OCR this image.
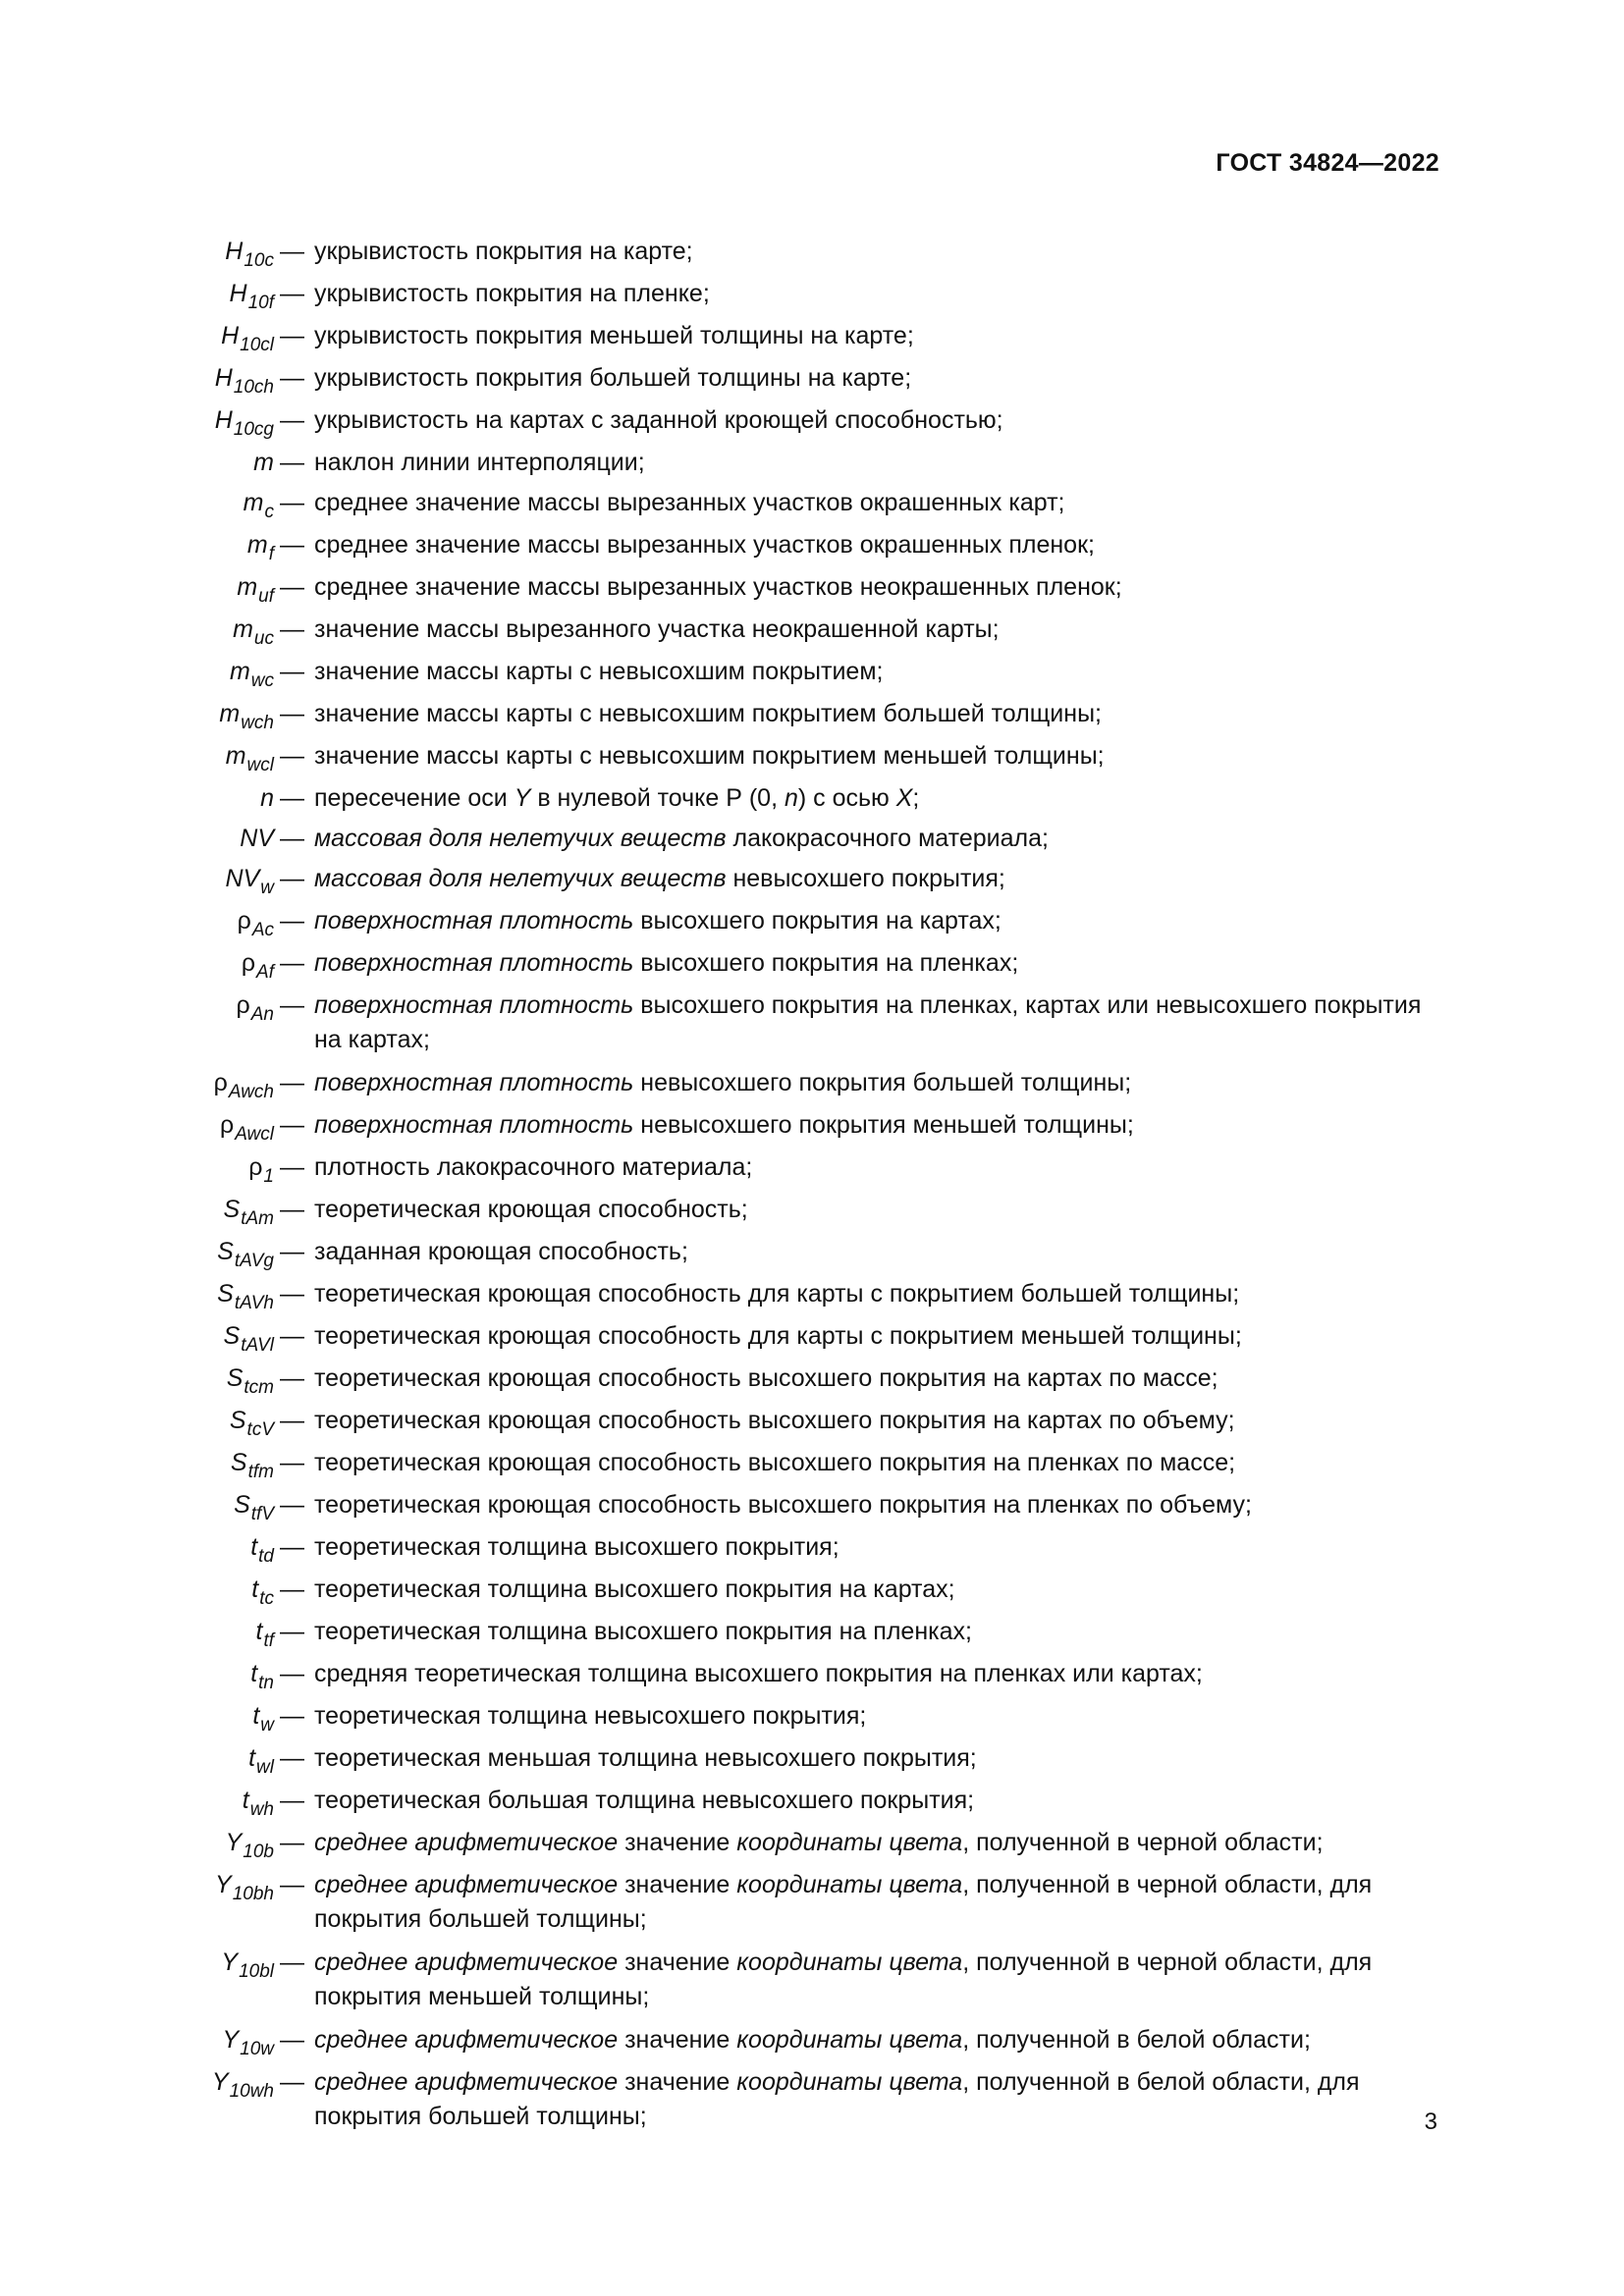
ГОСТ 34824—2022
$H_{10c}$ — укрывистость покрытия на карте;
$H_{10f}$ — укрывистость покрытия на пленке;
$H_{10cl}$ — укрывистость покрытия меньшей толщины на карте;
$H_{10ch}$ — укрывистость покрытия большей толщины на карте;
$H_{10cg}$ — укрывистость на картах с заданной кроющей способностью;
m — наклон линии интерполяции;
$m_c$ — среднее значение массы вырезанных участков окрашенных карт;
$m_f$ — среднее значение массы вырезанных участков окрашенных пленок;
$m_{uf}$ — среднее значение массы вырезанных участков неокрашенных пленок;
$m_{uc}$ — значение массы вырезанного участка неокрашенной карты;
$m_{wc}$ — значение массы карты с невысохшим покрытием;
$m_{wch}$ — значение массы карты с невысохшим покрытием большей толщины;
$m_{wcl}$ — значение массы карты с невысохшим покрытием меньшей толщины;
n — пересечение оси Y в нулевой точке Р (0, n) с осью X;
NV — массовая доля нелетучих веществ лакокрасочного материала;
$NV_w$ — массовая доля нелетучих веществ невысохшего покрытия;
$\rho_{Ac}$ — поверхностная плотность высохшего покрытия на картах;
$\rho_{Af}$ — поверхностная плотность высохшего покрытия на пленках;
$\rho_{An}$ — поверхностная плотность высохшего покрытия на пленках, картах или невысохшего покрытия на картах;
$\rho_{Awch}$ — поверхностная плотность невысохшего покрытия большей толщины;
$\rho_{Awcl}$ — поверхностная плотность невысохшего покрытия меньшей толщины;
$\rho_1$ — плотность лакокрасочного материала;
$S_{tAm}$ — теоретическая кроющая способность;
$S_{tAVg}$ — заданная кроющая способность;
$S_{tAVh}$ — теоретическая кроющая способность для карты с покрытием большей толщины;
$S_{tAVl}$ — теоретическая кроющая способность для карты с покрытием меньшей толщины;
$S_{tcm}$ — теоретическая кроющая способность высохшего покрытия на картах по массе;
$S_{tcV}$ — теоретическая кроющая способность высохшего покрытия на картах по объему;
$S_{tfm}$ — теоретическая кроющая способность высохшего покрытия на пленках по массе;
$S_{tfV}$ — теоретическая кроющая способность высохшего покрытия на пленках по объему;
$t_{td}$ — теоретическая толщина высохшего покрытия;
$t_{tc}$ — теоретическая толщина высохшего покрытия на картах;
$t_{tf}$ — теоретическая толщина высохшего покрытия на пленках;
$t_{tn}$ — средняя теоретическая толщина высохшего покрытия на пленках или картах;
$t_w$ — теоретическая толщина невысохшего покрытия;
$t_{wl}$ — теоретическая меньшая толщина невысохшего покрытия;
$t_{wh}$ — теоретическая большая толщина невысохшего покрытия;
$Y_{10b}$ — среднее арифметическое значение координаты цвета, полученной в черной области;
$Y_{10bh}$ — среднее арифметическое значение координаты цвета, полученной в черной области, для покрытия большей толщины;
$Y_{10bl}$ — среднее арифметическое значение координаты цвета, полученной в черной области, для покрытия меньшей толщины;
$Y_{10w}$ — среднее арифметическое значение координаты цвета, полученной в белой области;
$Y_{10wh}$ — среднее арифметическое значение координаты цвета, полученной в белой области, для покрытия большей толщины;	3
